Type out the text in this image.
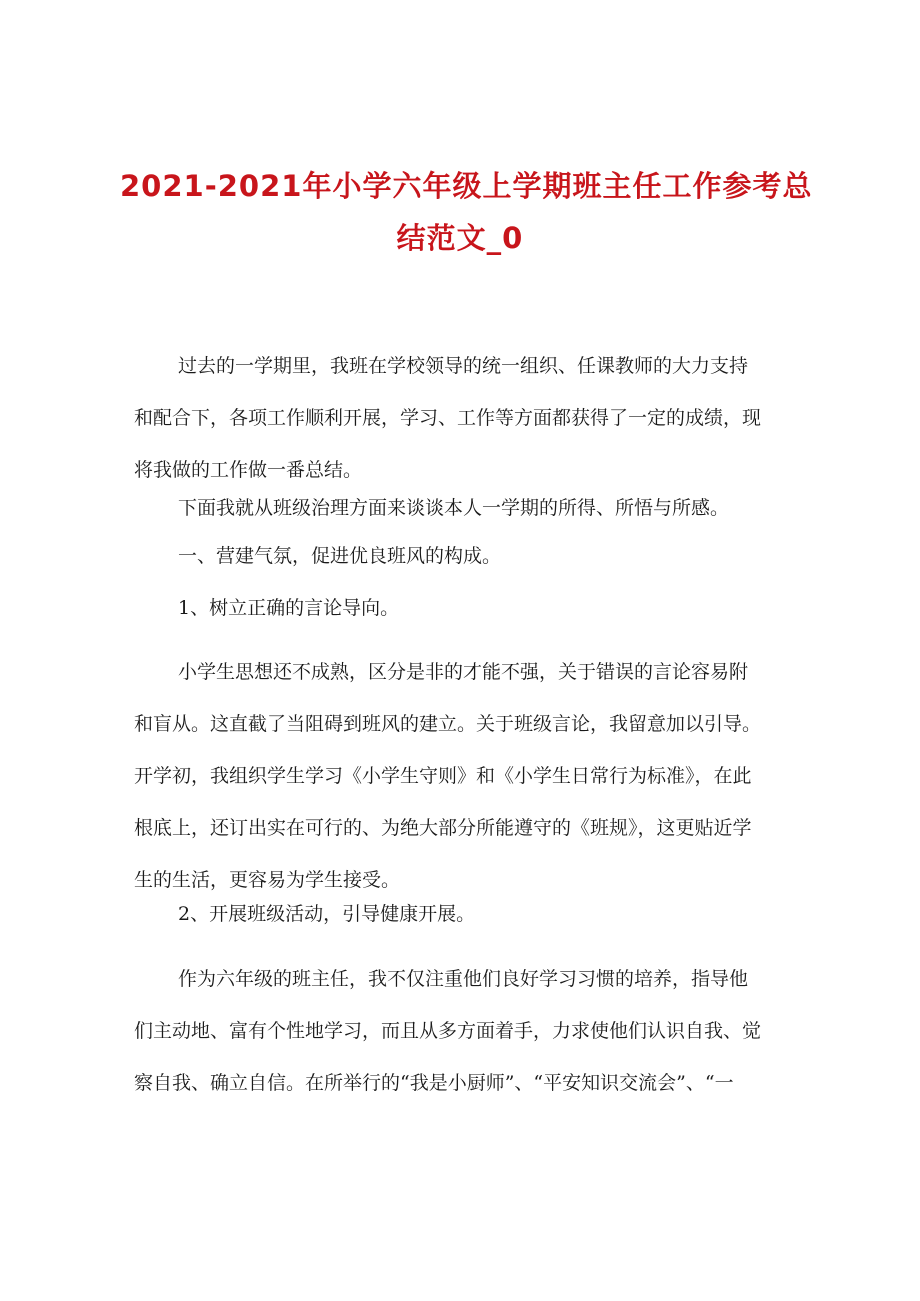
2021-2021年小学六年级上学期班主任工作参考总
结范文_0
过去的一学期里，我班在学校领导的统一组织、任课教师的大力支持
和配合下，各项工作顺利开展，学习、工作等方面都获得了一定的成绩，现
将我做的工作做一番总结。
下面我就从班级治理方面来谈谈本人一学期的所得、所悟与所感。
一、营建气氛，促进优良班风的构成。
1、树立正确的言论导向。
小学生思想还不成熟，区分是非的才能不强，关于错误的言论容易附
和盲从。这直截了当阻碍到班风的建立。关于班级言论，我留意加以引导。
开学初，我组织学生学习《小学生守则》和《小学生日常行为标准》，在此
根底上，还订出实在可行的、为绝大部分所能遵守的《班规》，这更贴近学
生的生活，更容易为学生接受。
2、开展班级活动，引导健康开展。
作为六年级的班主任，我不仅注重他们良好学习习惯的培养，指导他
们主动地、富有个性地学习，而且从多方面着手，力求使他们认识自我、觉
察自我、确立自信。在所举行的“我是小厨师”、“平安知识交流会”、“一
